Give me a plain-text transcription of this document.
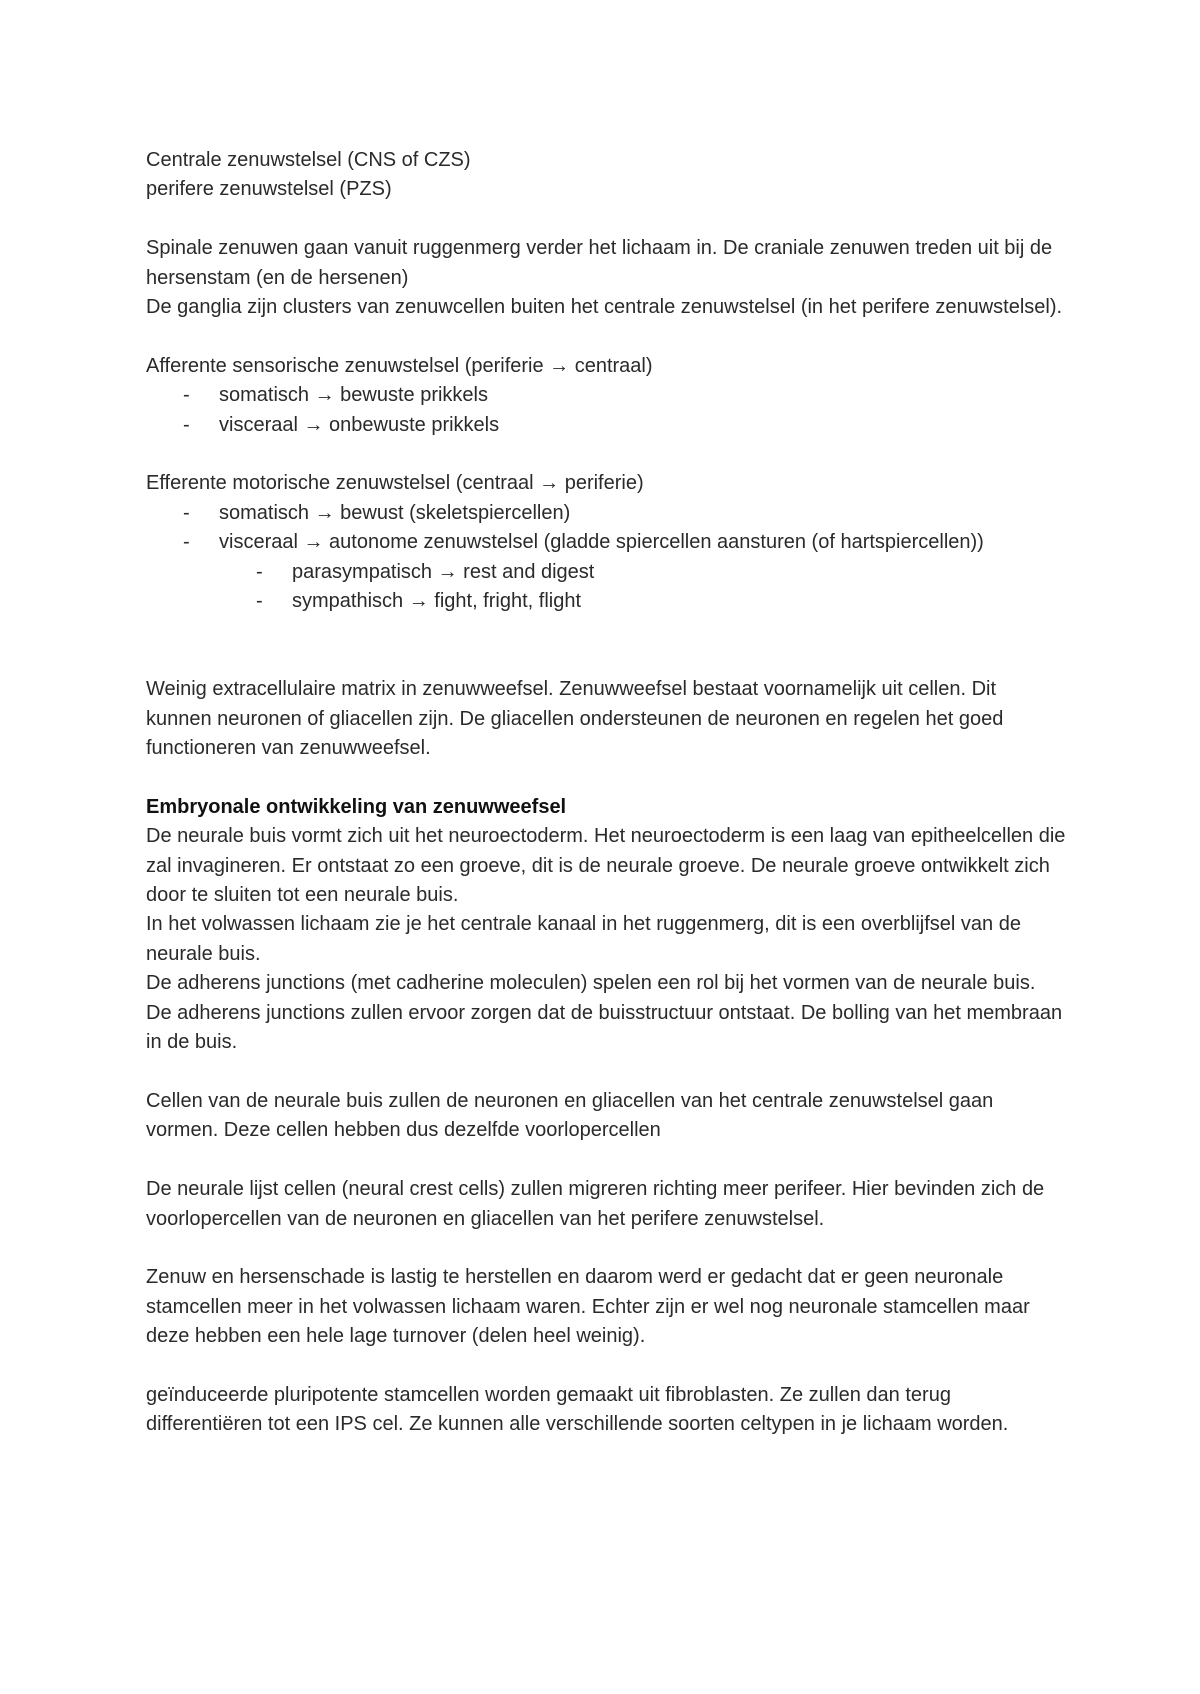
Centrale zenuwstelsel (CNS of CZS)

perifere zenuwstelsel (PZS)

Spinale zenuwen gaan vanuit ruggenmerg verder het lichaam in. De craniale zenuwen treden uit bij de hersenstam (en de hersenen)

De ganglia zijn clusters van zenuwcellen buiten het centrale zenuwstelsel (in het perifere zenuwstelsel).

Afferente sensorische zenuwstelsel (periferie → centraal)

- somatisch → bewuste prikkels
- visceraal → onbewuste prikkels

Efferente motorische zenuwstelsel (centraal → periferie)

- somatisch → bewust (skeletspiercellen)
- visceraal → autonome zenuwstelsel (gladde spiercellen aansturen (of hartspiercellen))
- parasympatisch → rest and digest
- sympathisch → fight, fright, flight

Weinig extracellulaire matrix in zenuwweefsel. Zenuwweefsel bestaat voornamelijk uit cellen. Dit kunnen neuronen of gliacellen zijn. De gliacellen ondersteunen de neuronen en regelen het goed functioneren van zenuwweefsel.

Embryonale ontwikkeling van zenuwweefsel

De neurale buis vormt zich uit het neuroectoderm. Het neuroectoderm is een laag van epitheelcellen die zal invagineren. Er ontstaat zo een groeve, dit is de neurale groeve. De neurale groeve ontwikkelt zich door te sluiten tot een neurale buis.

In het volwassen lichaam zie je het centrale kanaal in het ruggenmerg, dit is een overblijfsel van de neurale buis.

De adherens junctions (met cadherine moleculen) spelen een rol bij het vormen van de neurale buis. De adherens junctions zullen ervoor zorgen dat de buisstructuur ontstaat. De bolling van het membraan in de buis.

Cellen van de neurale buis zullen de neuronen en gliacellen van het centrale zenuwstelsel gaan vormen. Deze cellen hebben dus dezelfde voorlopercellen

De neurale lijst cellen (neural crest cells) zullen migreren richting meer perifeer. Hier bevinden zich de voorlopercellen van de neuronen en gliacellen van het perifere zenuwstelsel.

Zenuw en hersenschade is lastig te herstellen en daarom werd er gedacht dat er geen neuronale stamcellen meer in het volwassen lichaam waren. Echter zijn er wel nog neuronale stamcellen maar deze hebben een hele lage turnover (delen heel weinig).

geïnduceerde pluripotente stamcellen worden gemaakt uit fibroblasten. Ze zullen dan terug differentiëren tot een IPS cel. Ze kunnen alle verschillende soorten celtypen in je lichaam worden.
